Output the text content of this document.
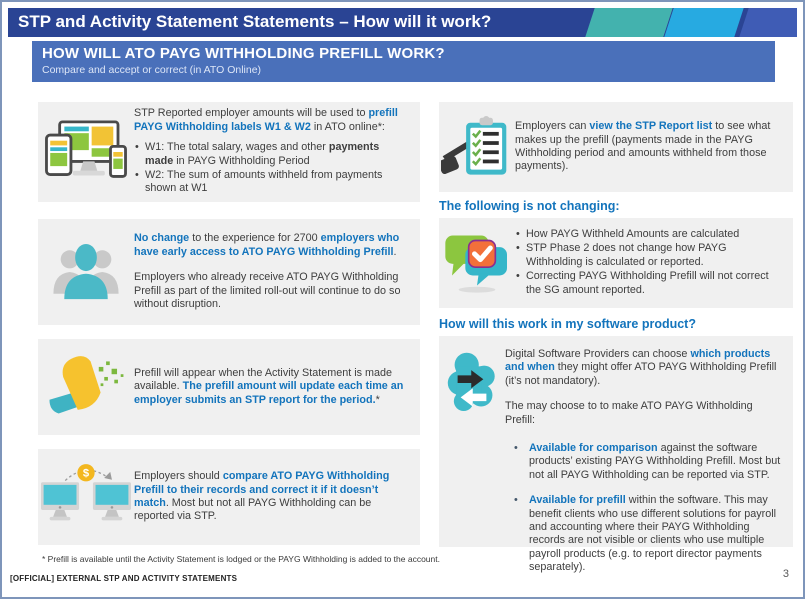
STP and Activity Statement Statements – How will it work?
HOW WILL ATO PAYG WITHHOLDING PREFILL WORK?
Compare and accept or correct (in ATO Online)
STP Reported employer amounts will be used to prefill PAYG Withholding labels W1 & W2 in ATO online*:
• W1: The total salary, wages and other payments made in PAYG Withholding Period
• W2: The sum of amounts withheld from payments shown at W1
No change to the experience for 2700 employers who have early access to ATO PAYG Withholding Prefill.
Employers who already receive ATO PAYG Withholding Prefill as part of the limited roll-out will continue to do so without disruption.
Prefill will appear when the Activity Statement is made available. The prefill amount will update each time an employer submits an STP report for the period.*
$	Employers should compare ATO PAYG Withholding Prefill to their records and correct it if it doesn’t match. Most but not all PAYG Withholding can be reported via STP.
Employers can view the STP Report list to see what makes up the prefill (payments made in the PAYG Withholding period and amounts withheld from those payments).
The following is not changing:
• How PAYG Withheld Amounts are calculated
• STP Phase 2 does not change how PAYG Withholding is calculated or reported.
• Correcting PAYG Withholding Prefill will not correct the SG amount reported.
How will this work in my software product?
Digital Software Providers can choose which products and when they might offer ATO PAYG Withholding Prefill (it’s not mandatory).
The may choose to to make ATO PAYG Withholding Prefill:
• Available for comparison against the software products’ existing PAYG Withholding Prefill. Most but not all PAYG Withholding can be reported via STP.
• Available for prefill within the software. This may benefit clients who use different solutions for payroll and accounting where their PAYG Withholding records are not visible or clients who use multiple payroll products (e.g. to report director payments separately).
* Prefill is available until the Activity Statement is lodged or the PAYG Withholding is added to the account.
[OFFICIAL] EXTERNAL STP AND ACTIVITY STATEMENTS	3
